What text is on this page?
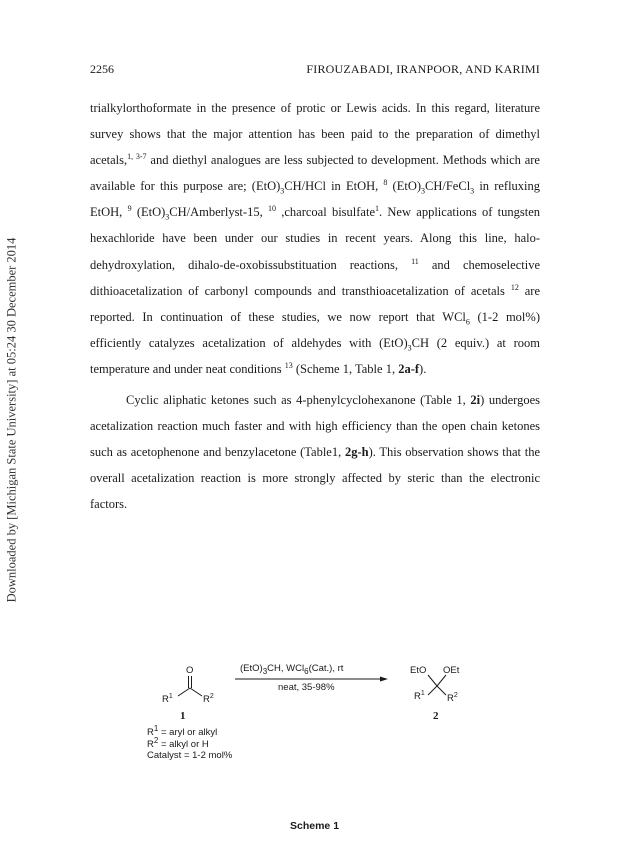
Downloaded by [Michigan State University] at 05:24 30 December 2014
2256	FIROUZABADI, IRANPOOR, AND KARIMI

trialkylorthoformate in the presence of protic or Lewis acids. In this regard, literature survey shows that the major attention has been paid to the preparation of dimethyl acetals,$^{1, 3-7}$ and diethyl analogues are less subjected to development. Methods which are available for this purpose are; $(EtO)_3CH$/HCl in EtOH, $^8$ $(EtO)_3CH/FeCl_3$ in refluxing EtOH, $^9$ $(EtO)_3CH/Amberlyst-15$, $^{10}$ ,charcoal bisulfate$^1$. New applications of tungsten hexachloride have been under our studies in recent years. Along this line, halo-dehydroxylation, dihalo-de-oxobissubstituation reactions, $^{11}$ and chemoselective dithioacetalization of carbonyl compounds and transthioacetalization of acetals $^{12}$ are reported. In continuation of these studies, we now report that WCl$_6$ (1-2 mol%) efficiently catalyzes acetalization of aldehydes with $(EtO)_3CH$ (2 equiv.) at room temperature and under neat conditions $^{13}$ (Scheme 1, Table 1, 2a-f).

Cyclic aliphatic ketones such as 4-phenylcyclohexanone (Table 1, 2i) undergoes acetalization reaction much faster and with high efficiency than the open chain ketones such as acetophenone and benzylacetone (Table1, 2g-h). This observation shows that the overall acetalization reaction is more strongly affected by steric than the electronic factors.

O
$R^1$	$R^2$
EtO OEt
$R^1$ $R^2$
$(EtO)_3CH$, WCl$_6$(Cat.), rt
neat, 35-98%
1	2
$R^1$ = aryl or alkyl
$R^2$ = alkyl or H
Catalyst = 1-2 mol%
Scheme 1
